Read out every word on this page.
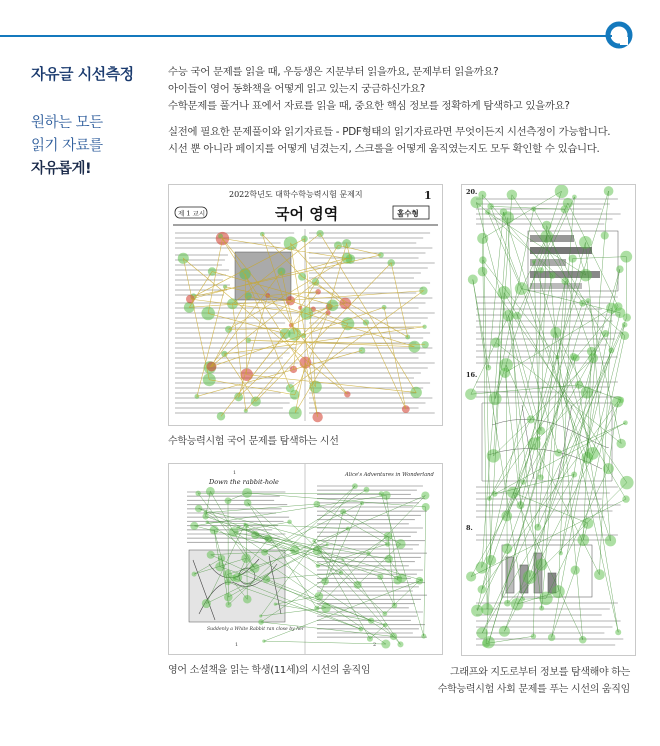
자유글 시선측정
원하는 모든
읽기 자료를
자유롭게!

수능 국어 문제를 읽을 때, 우등생은 지문부터 읽을까요, 문제부터 읽을까요?

아이들이 영어 동화책을 어떻게 읽고 있는지 궁금하신가요?

수학문제를 풀거나 표에서 자료를 읽을 때, 중요한 핵심 정보를 정확하게 탐색하고 있을까요?

실전에 필요한 문제풀이와 읽기자료들 - PDF형태의 읽기자료라면 무엇이든지 시선측정이 가능합니다.

시선 뿐 아니라 페이지를 어떻게 넘겼는지, 스크롤을 어떻게 움직였는지도 모두 확인할 수 있습니다.

2022학년도 대학수학능력시험 문제지	1
제 1 교시	국어 영역	홀수형
수학능력시험 국어 문제를 탐색하는 시선
1
Down the rabbit-hole
Suddenly a White Rabbit ran close by her
1
Alice's Adventures in Wonderland
2
영어 소설책을 읽는 학생(11세)의 시선의 움직임
20.
16.
8.
그래프와 지도로부터 정보를 탐색해야 하는
수학능력시험 사회 문제를 푸는 시선의 움직임
